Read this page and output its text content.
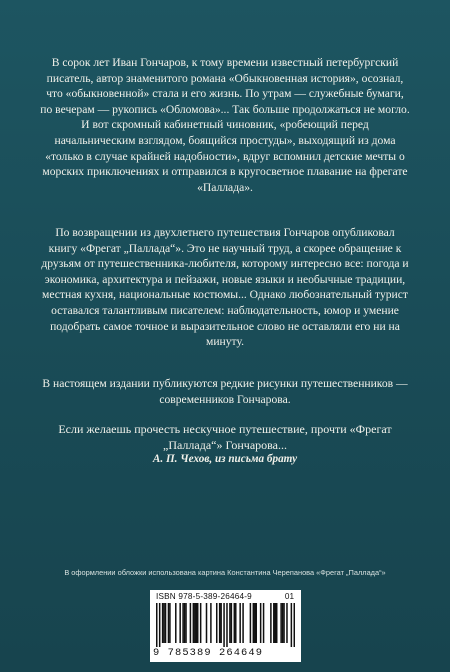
В сорок лет Иван Гончаров, к тому времени известный петербургский писатель, автор знаменитого романа «Обыкновенная история», осознал, что «обыкновенной» стала и его жизнь. По утрам — служебные бумаги, по вечерам — рукопись «Обломова»... Так больше продолжаться не могло. И вот скромный кабинетный чиновник, «робеющий перед начальническим взглядом, боящийся простуды», выходящий из дома «только в случае крайней надобности», вдруг вспомнил детские мечты о морских приключениях и отправился в кругосветное плавание на фрегате «Паллада».

По возвращении из двухлетнего путешествия Гончаров опубликовал книгу «Фрегат „Паллада“». Это не научный труд, а скорее обращение к друзьям от путешественника-любителя, которому интересно все: погода и экономика, архитектура и пейзажи, новые языки и необычные традиции, местная кухня, национальные костюмы... Однако любознательный турист оставался талантливым писателем: наблюдательность, юмор и умение подобрать самое точное и выразительное слово не оставляли его ни на минуту.

В настоящем издании публикуются редкие рисунки путешественников — современников Гончарова.

Если желаешь прочесть нескучное путешествие, прочти «Фрегат „Паллада“» Гончарова...

А. П. Чехов, из письма брату

В оформлении обложки использована картина Константина Черепанова «Фрегат „Паллада“»

ISBN 978-5-389-26464-9	01
9 785389 264649
